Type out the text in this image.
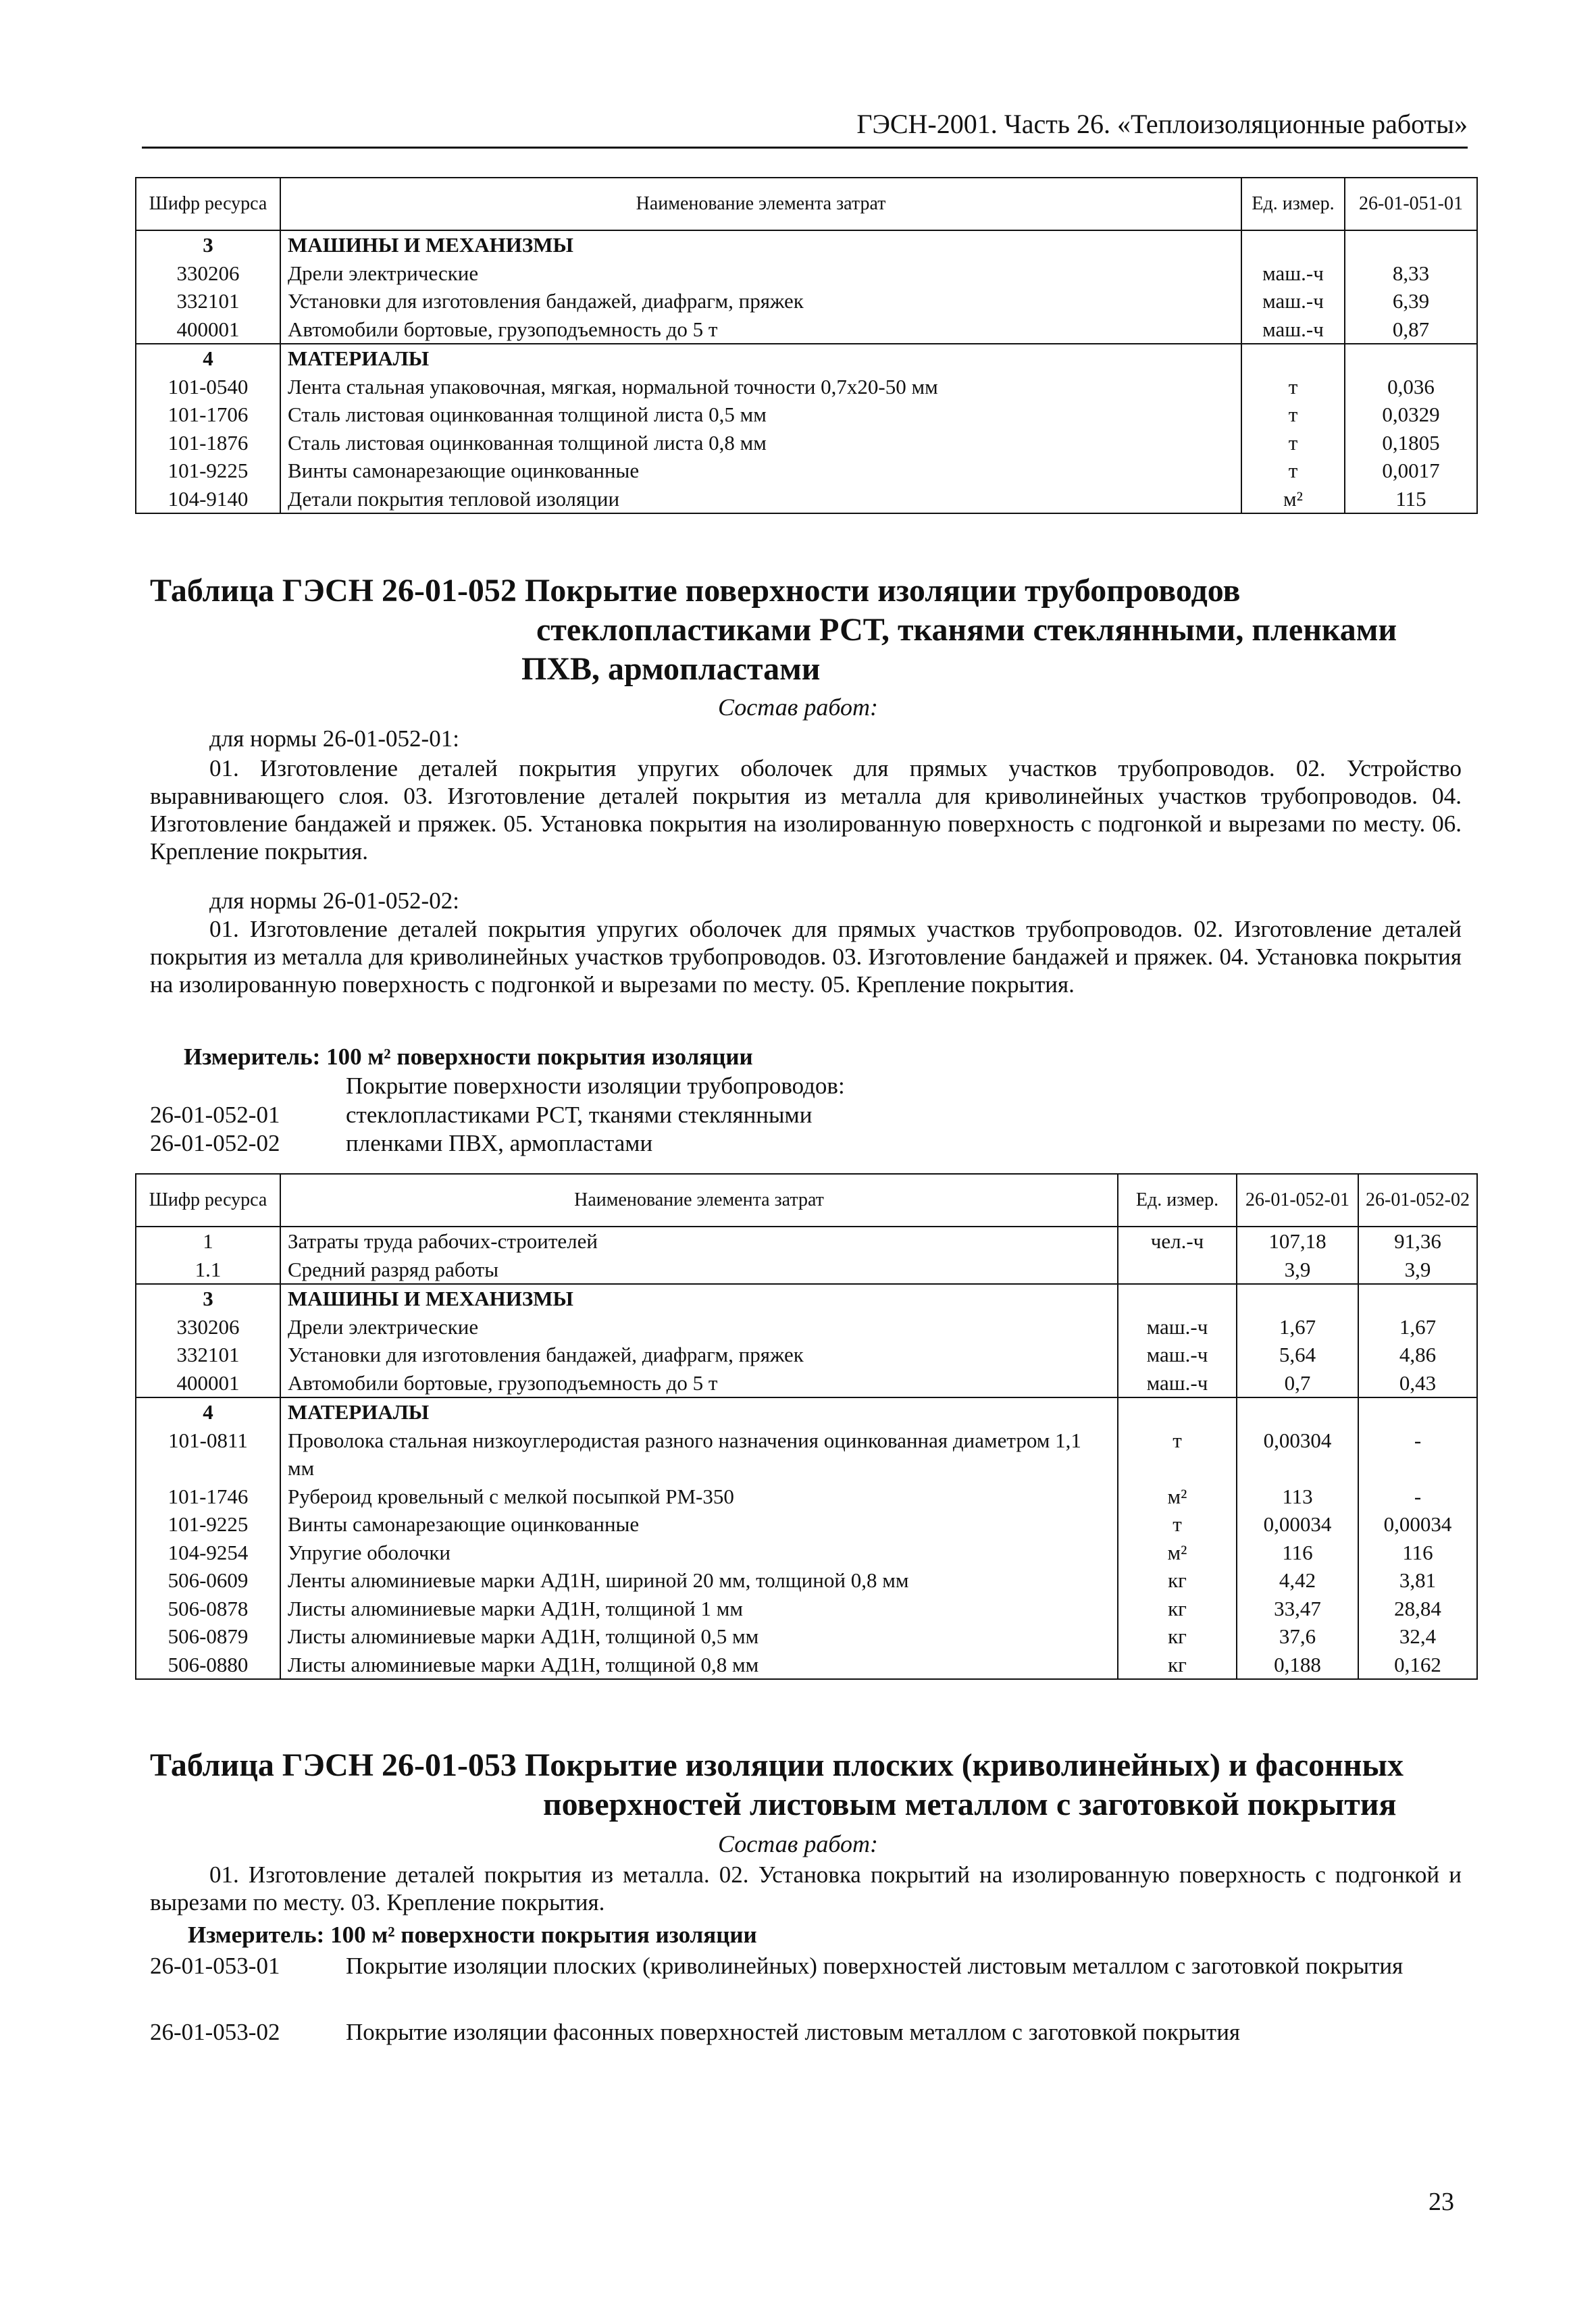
ГЭСН-2001. Часть 26. «Теплоизоляционные работы»
Шифр ресурса	Наименование элемента затрат	Ед. измер.	26-01-051-01
3	МАШИНЫ И МЕХАНИЗМЫ		
330206	Дрели электрические	маш.-ч	8,33
332101	Установки для изготовления бандажей, диафрагм, пряжек	маш.-ч	6,39
400001	Автомобили бортовые, грузоподъемность до 5 т	маш.-ч	0,87
4	МАТЕРИАЛЫ		
101-0540	Лента стальная упаковочная, мягкая, нормальной точности 0,7х20-50 мм	т	0,036
101-1706	Сталь листовая оцинкованная толщиной листа 0,5 мм	т	0,0329
101-1876	Сталь листовая оцинкованная толщиной листа 0,8 мм	т	0,1805
101-9225	Винты самонарезающие оцинкованные	т	0,0017
104-9140	Детали покрытия тепловой изоляции	м²	115
Таблица ГЭСН 26-01-052 Покрытие поверхности изоляции трубопроводов
стеклопластиками РСТ, тканями стеклянными, пленками
ПХВ, армопластами
Состав работ:
для нормы 26-01-052-01:
01. Изготовление деталей покрытия упругих оболочек для прямых участков трубопроводов. 02. Устройство выравнивающего слоя. 03. Изготовление деталей покрытия из металла для криволинейных участков трубопроводов. 04. Изготовление бандажей и пряжек. 05. Установка покрытия на изолированную поверхность с подгонкой и вырезами по месту. 06. Крепление покрытия.
для нормы 26-01-052-02:
01. Изготовление деталей покрытия упругих оболочек для прямых участков трубопроводов. 02. Изготовление деталей покрытия из металла для криволинейных участков трубопроводов. 03. Изготовление бандажей и пряжек. 04. Установка покрытия на изолированную поверхность с подгонкой и вырезами по месту. 05. Крепление покрытия.
Измеритель: 100 м² поверхности покрытия изоляции
Покрытие поверхности изоляции трубопроводов:
26-01-052-01	стеклопластиками РСТ, тканями стеклянными
26-01-052-02	пленками ПВХ, армопластами
Шифр ресурса	Наименование элемента затрат	Ед. измер.	26-01-052-01	26-01-052-02
1	Затраты труда рабочих-строителей	чел.-ч	107,18	91,36
1.1	Средний разряд работы		3,9	3,9
3	МАШИНЫ И МЕХАНИЗМЫ			
330206	Дрели электрические	маш.-ч	1,67	1,67
332101	Установки для изготовления бандажей, диафрагм, пряжек	маш.-ч	5,64	4,86
400001	Автомобили бортовые, грузоподъемность до 5 т	маш.-ч	0,7	0,43
4	МАТЕРИАЛЫ			
101-0811	Проволока стальная низкоуглеродистая разного назначения оцинкованная диаметром 1,1 мм	т	0,00304	-
101-1746	Рубероид кровельный с мелкой посыпкой РМ-350	м²	113	-
101-9225	Винты самонарезающие оцинкованные	т	0,00034	0,00034
104-9254	Упругие оболочки	м²	116	116
506-0609	Ленты алюминиевые марки АД1Н, шириной 20 мм, толщиной 0,8 мм	кг	4,42	3,81
506-0878	Листы алюминиевые марки АД1Н, толщиной 1 мм	кг	33,47	28,84
506-0879	Листы алюминиевые марки АД1Н, толщиной 0,5 мм	кг	37,6	32,4
506-0880	Листы алюминиевые марки АД1Н, толщиной 0,8 мм	кг	0,188	0,162
Таблица ГЭСН 26-01-053 Покрытие изоляции плоских (криволинейных) и фасонных
поверхностей листовым металлом с заготовкой покрытия
Состав работ:
01. Изготовление деталей покрытия из металла. 02. Установка покрытий на изолированную поверхность с подгонкой и вырезами по месту. 03. Крепление покрытия.
Измеритель: 100 м² поверхности покрытия изоляции
26-01-053-01	Покрытие изоляции плоских (криволинейных) поверхностей листовым металлом с заготовкой покрытия
26-01-053-02	Покрытие изоляции фасонных поверхностей листовым металлом с заготовкой покрытия
23
